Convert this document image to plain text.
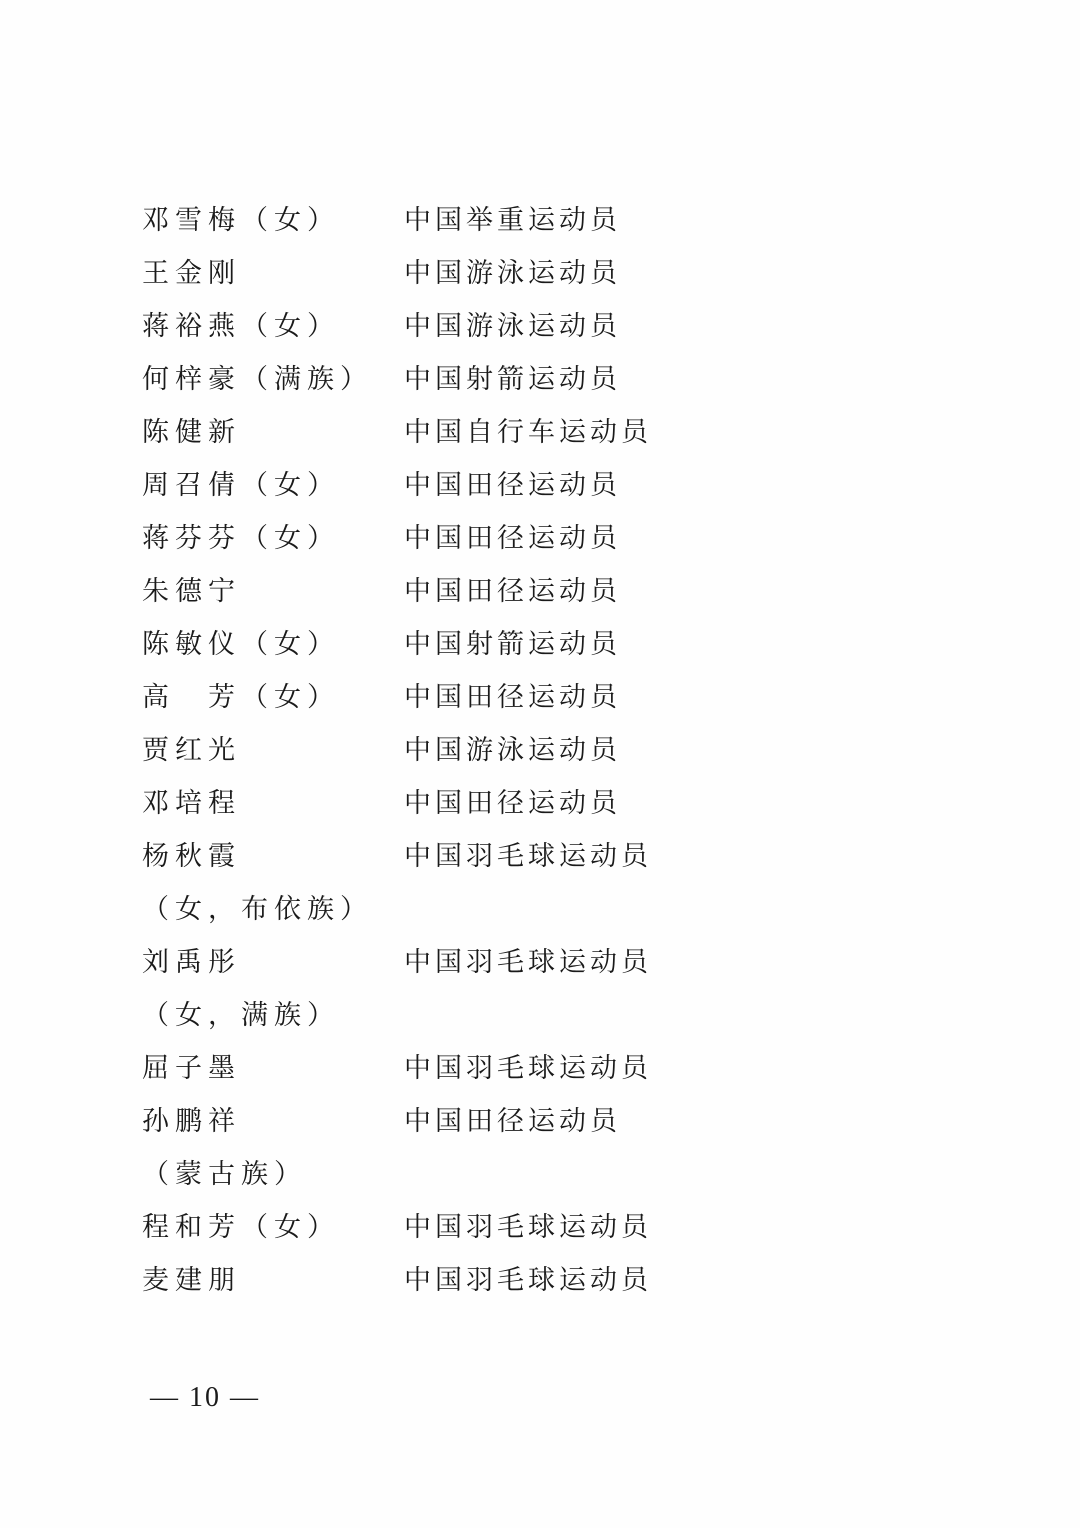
邓雪梅（女） 中国举重运动员
王金刚	中国游泳运动员
蒋裕燕（女） 中国游泳运动员
何梓豪（满族） 中国射箭运动员
陈健新	中国自行车运动员
周召倩（女） 中国田径运动员
蒋芬芬（女） 中国田径运动员
朱德宁	中国田径运动员
陈敏仪（女） 中国射箭运动员
高　芳（女） 中国田径运动员
贾红光	中国游泳运动员
邓培程	中国田径运动员
杨秋霞	中国羽毛球运动员
（女，布依族）
刘禹彤	中国羽毛球运动员
（女，满族）
屈子墨	中国羽毛球运动员
孙鹏祥	中国田径运动员
（蒙古族）
程和芳（女） 中国羽毛球运动员
麦建朋	中国羽毛球运动员
— 10 —
